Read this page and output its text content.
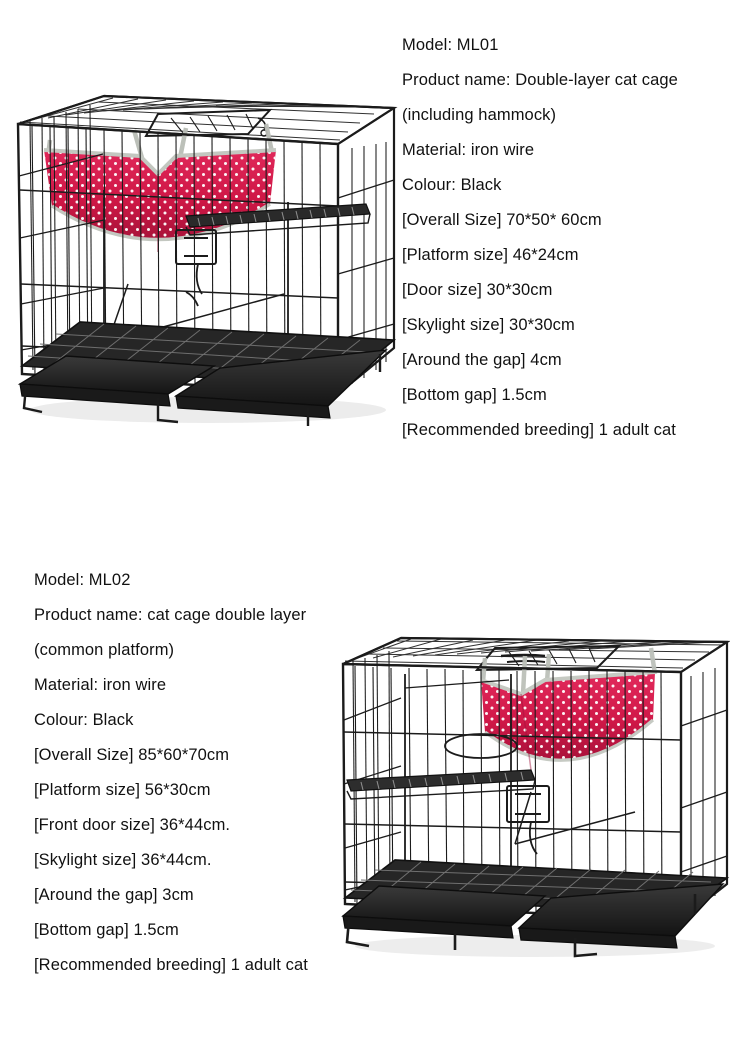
Model: ML01
Product name: Double-layer cat cage
(including hammock)
Material: iron wire
Colour: Black
[Overall Size] 70*50* 60cm
[Platform size] 46*24cm
[Door size] 30*30cm
[Skylight size] 30*30cm
[Around the gap] 4cm
[Bottom gap] 1.5cm
[Recommended breeding] 1 adult cat
Model: ML02
Product name: cat cage double layer
(common platform)
Material: iron wire
Colour: Black
[Overall Size] 85*60*70cm
[Platform size] 56*30cm
[Front door size] 36*44cm.
[Skylight size] 36*44cm.
[Around the gap] 3cm
[Bottom gap] 1.5cm
[Recommended breeding] 1 adult cat
